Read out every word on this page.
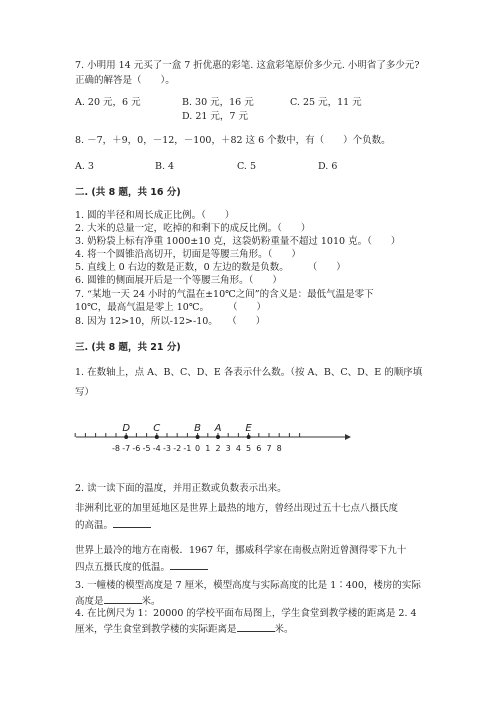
7. 小明用 14 元买了一盒 7 折优惠的彩笔. 这盒彩笔原价多少元. 小明省了多少元?
正确的解答是（　　）。
A. 20 元，6 元	B. 30 元，16 元	C. 25 元，11 元
D. 21 元，7 元
8. －7，＋9，0，－12，－100，＋82 这 6 个数中，有（　　）个负数。
A. 3	B. 4	C. 5	D. 6
二. (共 8 题，共 16 分)
1. 圆的半径和周长成正比例。（　　）
2. 大米的总量一定，吃掉的和剩下的成反比例。（　　）
3. 奶粉袋上标有净重 1000±10 克，这袋奶粉重量不超过 1010 克。（　　）
4. 将一个圆锥沿高切开，切面是等腰三角形。（　　）
5. 直线上 0 右边的数是正数，0 左边的数是负数。　　　（　　）
6. 圆锥的侧面展开后是一个等腰三角形。（　　）
7. “某地一天 24 小时的气温在±10℃之间”的含义是：最低气温是零下
10℃，最高气温是零上 10℃。　　　（　　）
8. 因为 12>10，所以-12>-10。　　（　　）
三. (共 8 题，共 21 分)
1. 在数轴上，点 A、B、C、D、E 各表示什么数。（按 A、B、C、D、E 的顺序填
写）
-8 -7 -6 -5 -4 -3 -2 -1 0 1 2 3 4 5 6 7 8
D C	B A E
2. 读一读下面的温度，并用正数或负数表示出来。
非洲利比亚的加里延地区是世界上最热的地方，曾经出现过五十七点八摄氏度
的高温。
世界上最冷的地方在南极．1967 年，挪威科学家在南极点附近曾测得零下九十
四点五摄氏度的低温。
3. 一幢楼的模型高度是 7 厘米，模型高度与实际高度的比是 1∶400，楼房的实际
高度是	米。
4. 在比例尺为 1：20000 的学校平面布局图上，学生食堂到教学楼的距离是 2. 4
厘米，学生食堂到教学楼的实际距离是	米。
